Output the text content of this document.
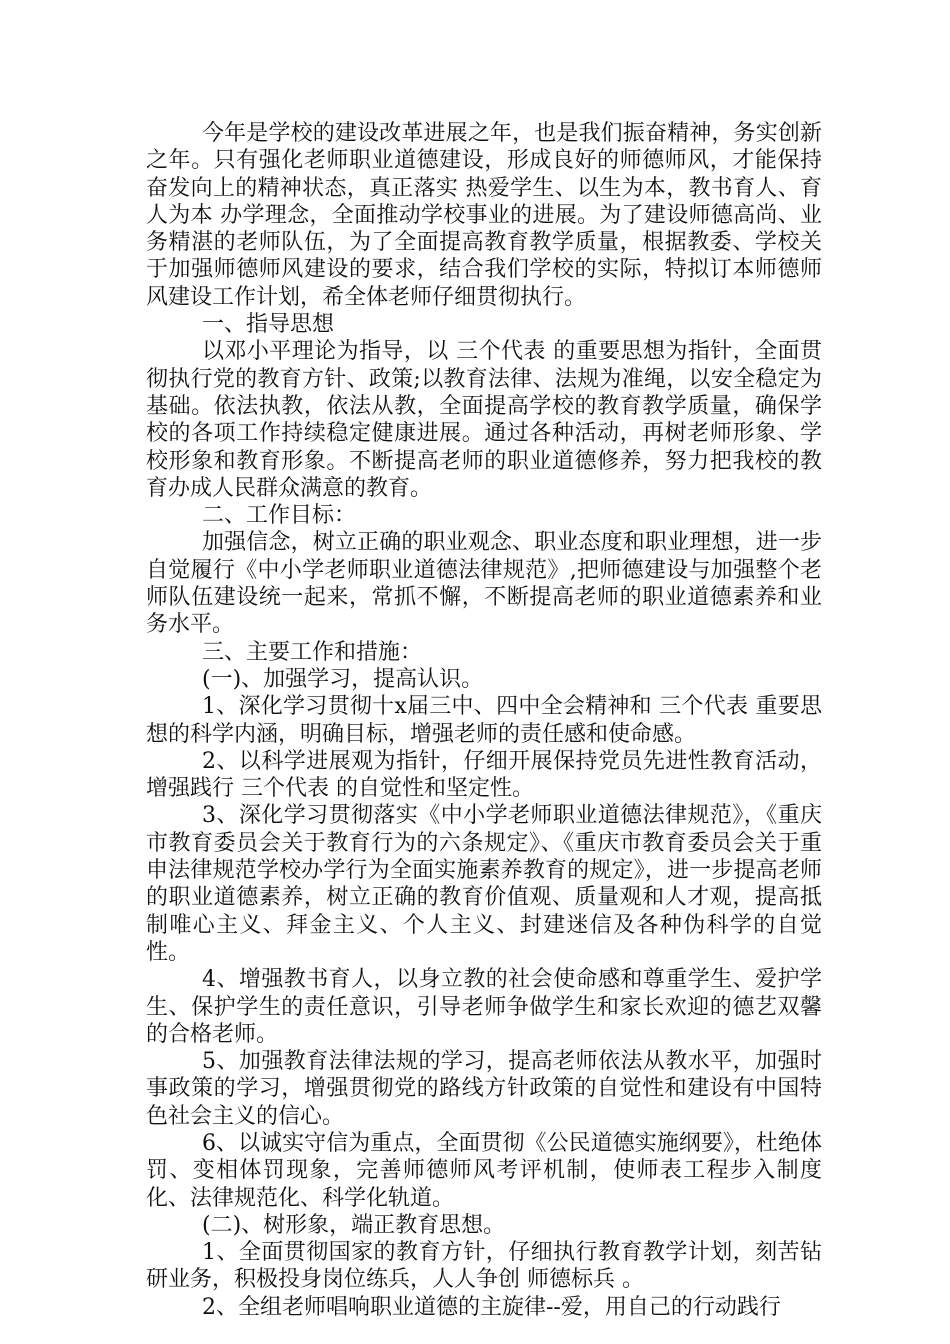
今年是学校的建设改革进展之年，也是我们振奋精神，务实创新之年。只有强化老师职业道德建设，形成良好的师德师风，才能保持奋发向上的精神状态，真正落实 热爱学生、以生为本，教书育人、育人为本 办学理念，全面推动学校事业的进展。为了建设师德高尚、业务精湛的老师队伍，为了全面提高教育教学质量，根据教委、学校关于加强师德师风建设的要求，结合我们学校的实际，特拟订本师德师风建设工作计划，希全体老师仔细贯彻执行。

一、指导思想

以邓小平理论为指导，以 三个代表 的重要思想为指针，全面贯彻执行党的教育方针、政策;以教育法律、法规为准绳，以安全稳定为基础。依法执教，依法从教，全面提高学校的教育教学质量，确保学校的各项工作持续稳定健康进展。通过各种活动，再树老师形象、学校形象和教育形象。不断提高老师的职业道德修养，努力把我校的教育办成人民群众满意的教育。

二、工作目标：

加强信念，树立正确的职业观念、职业态度和职业理想，进一步自觉履行《中小学老师职业道德法律规范》,把师德建设与加强整个老师队伍建设统一起来，常抓不懈，不断提高老师的职业道德素养和业务水平。

三、主要工作和措施：

(一)、加强学习，提高认识。

1、深化学习贯彻十x届三中、四中全会精神和 三个代表 重要思想的科学内涵，明确目标，增强老师的责任感和使命感。

2、以科学进展观为指针，仔细开展保持党员先进性教育活动，增强践行 三个代表 的自觉性和坚定性。

3、深化学习贯彻落实《中小学老师职业道德法律规范》，《重庆市教育委员会关于教育行为的六条规定》、《重庆市教育委员会关于重申法律规范学校办学行为全面实施素养教育的规定》，进一步提高老师的职业道德素养，树立正确的教育价值观、质量观和人才观，提高抵制唯心主义、拜金主义、个人主义、封建迷信及各种伪科学的自觉性。

4、增强教书育人，以身立教的社会使命感和尊重学生、爱护学生、保护学生的责任意识，引导老师争做学生和家长欢迎的德艺双馨的合格老师。

5、加强教育法律法规的学习，提高老师依法从教水平，加强时事政策的学习，增强贯彻党的路线方针政策的自觉性和建设有中国特色社会主义的信心。

6、以诚实守信为重点，全面贯彻《公民道德实施纲要》，杜绝体罚、变相体罚现象，完善师德师风考评机制，使师表工程步入制度化、法律规范化、科学化轨道。

(二)、树形象，端正教育思想。

1、全面贯彻国家的教育方针，仔细执行教育教学计划，刻苦钻研业务，积极投身岗位练兵，人人争创 师德标兵 。

2、全组老师唱响职业道德的主旋律--爱，用自己的行动践行
